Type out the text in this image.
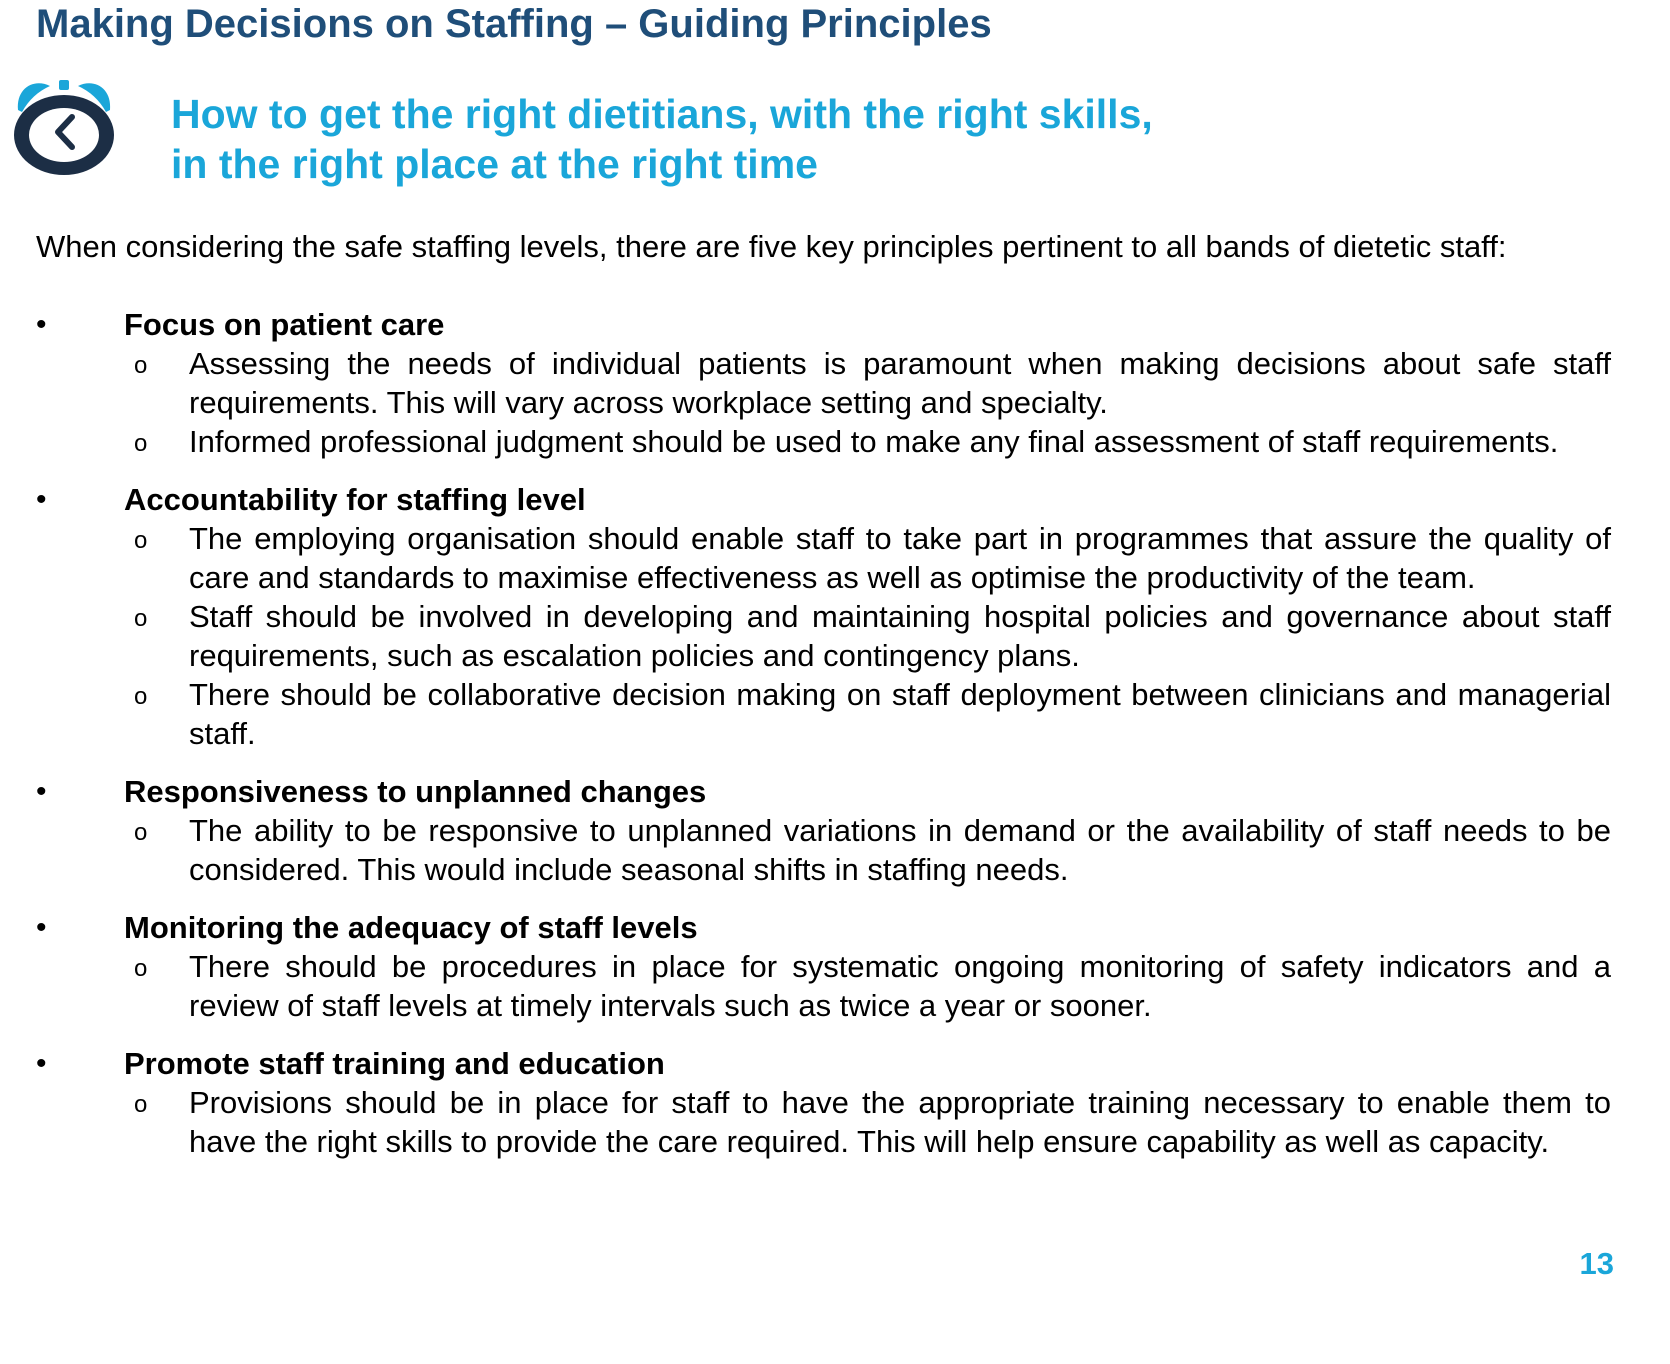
Making Decisions on Staffing – Guiding Principles
How to get the right dietitians, with the right skills,
in the right place at the right time

When considering the safe staffing levels, there are five key principles pertinent to all bands of dietetic staff:

• Focus on patient care
o Assessing the needs of individual patients is paramount when making decisions about safe staff requirements. This will vary across workplace setting and specialty.
o Informed professional judgment should be used to make any final assessment of staff requirements.
• Accountability for staffing level
o The employing organisation should enable staff to take part in programmes that assure the quality of care and standards to maximise effectiveness as well as optimise the productivity of the team.
o Staff should be involved in developing and maintaining hospital policies and governance about staff requirements, such as escalation policies and contingency plans.
o There should be collaborative decision making on staff deployment between clinicians and managerial staff.
• Responsiveness to unplanned changes
o The ability to be responsive to unplanned variations in demand or the availability of staff needs to be considered. This would include seasonal shifts in staffing needs.
• Monitoring the adequacy of staff levels
o There should be procedures in place for systematic ongoing monitoring of safety indicators and a review of staff levels at timely intervals such as twice a year or sooner.
• Promote staff training and education
o Provisions should be in place for staff to have the appropriate training necessary to enable them to have the right skills to provide the care required. This will help ensure capability as well as capacity.
13
